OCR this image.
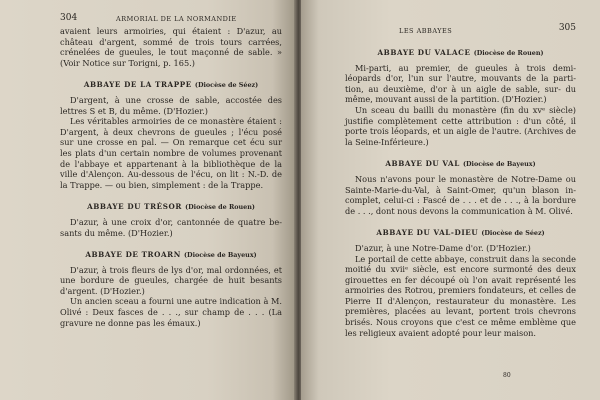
304	ARMORIAL DE LA NORMANDIE

avaient leurs armoiries, qui étaient : D'azur, au château d'argent, sommé de trois tours carrées, crénelées de gueules, le tout maçonné de sable. » (Voir Notice sur Torigni, p. 165.)

ABBAYE DE LA TRAPPE (Diocèse de Séez)

D'argent, à une crosse de sable, accostée des lettres S et B, du même. (D'Hozier.)

Les véritables armoiries de ce monastère étaient : D'argent, à deux chevrons de gueules ; l'écu posé sur une crosse en pal. — On remarque cet écu sur les plats d'un certain nombre de volumes provenant de l'abbaye et appartenant à la bibliothèque de la ville d'Alençon. Au-dessous de l'écu, on lit : N.-D. de la Trappe. — ou bien, simplement : de la Trappe.

ABBAYE DU TRÉSOR (Diocèse de Rouen)

D'azur, à une croix d'or, cantonnée de quatre be- sants du même. (D'Hozier.)

ABBAYE DE TROARN (Diocèse de Bayeux)

D'azur, à trois fleurs de lys d'or, mal ordonnées, et une bordure de gueules, chargée de huit besants d'argent. (D'Hozier.)

Un ancien sceau a fourni une autre indication à M. Olivé : Deux fasces de . . ., sur champ de . . . (La gravure ne donne pas les émaux.)

LES ABBAYES	305
ABBAYE DU VALACE (Diocèse de Rouen)

Mi-parti, au premier, de gueules à trois demi- léopards d'or, l'un sur l'autre, mouvants de la parti- tion, au deuxième, d'or à un aigle de sable, sur- du même, mouvant aussi de la partition. (D'Hozier.)

Un sceau du bailli du monastère (fin du xvᵉ siècle) justifie complètement cette attribution : d'un côté, il porte trois léopards, et un aigle de l'autre. (Archives de la Seine-Inférieure.)

ABBAYE DU VAL (Diocèse de Bayeux)

Nous n'avons pour le monastère de Notre-Dame ou Sainte-Marie-du-Val, à Saint-Omer, qu'un blason in- complet, celui-ci : Fascé de . . . et de . . ., à la bordure de . . ., dont nous devons la communication à M. Olivé.

ABBAYE DU VAL-DIEU (Diocèse de Séez)

D'azur, à une Notre-Dame d'or. (D'Hozier.)

Le portail de cette abbaye, construit dans la seconde moitié du xviiᵉ siècle, est encore surmonté des deux girouettes en fer découpé où l'on avait représenté les armoiries des Rotrou, premiers fondateurs, et celles de Pierre II d'Alençon, restaurateur du monastère. Les premières, placées au levant, portent trois chevrons brisés. Nous croyons que c'est ce même emblème que les religieux avaient adopté pour leur maison.

80
